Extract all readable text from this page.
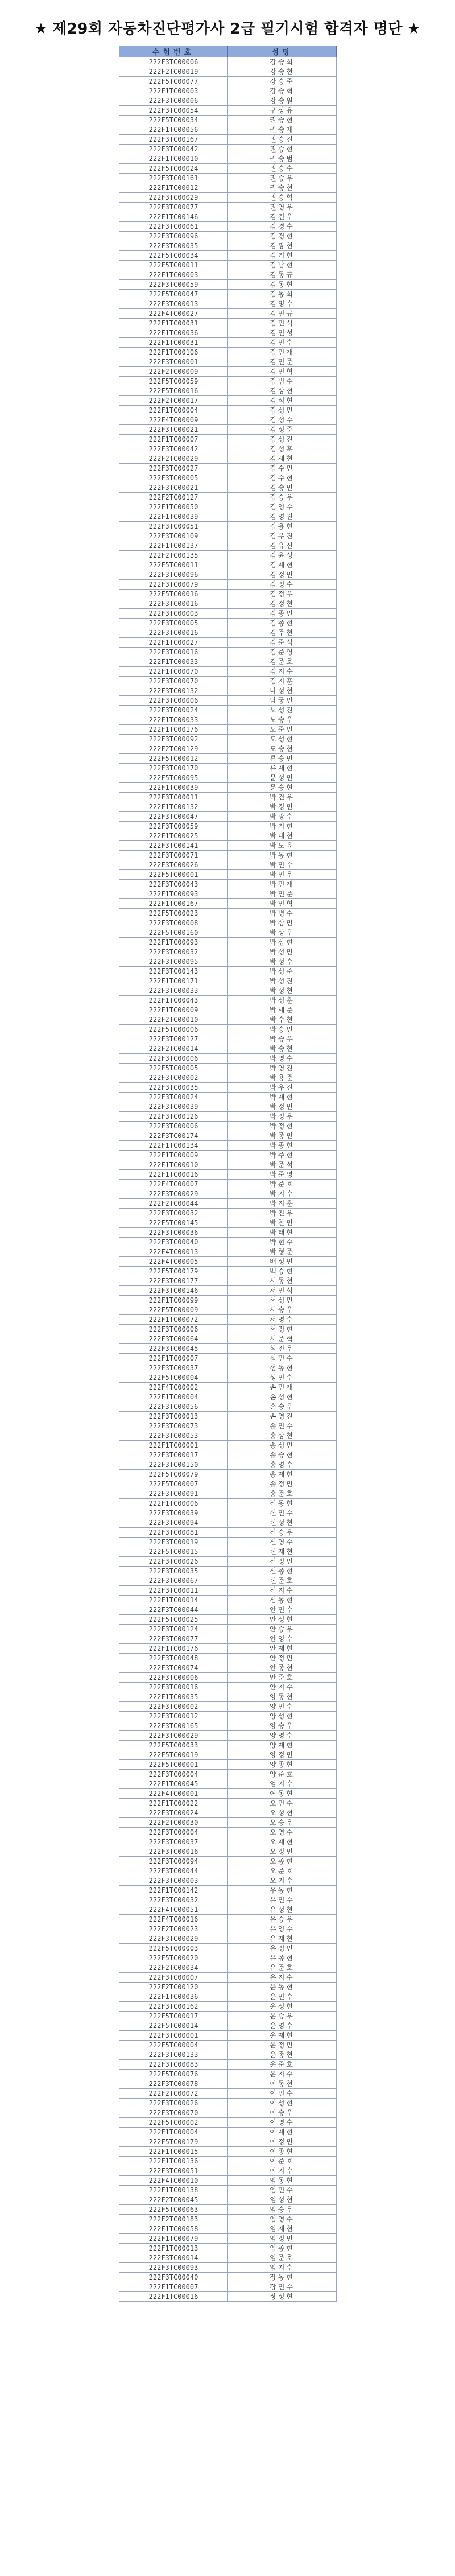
★ 제29회 자동차진단평가사 2급 필기시험 합격자 명단 ★
수험번호	성명
222F3TC00006	강승희
222F2TC00019	강승현
222F5TC00077	강승준
222F1TC00003	강승혁
222F3TC00006	강승원
222F3TC00054	구상유
222F5TC00034	권승현
222F1TC00056	권승재
222F3TC00167	권승진
222F3TC00042	권승현
222F1TC00010	권승범
222F5TC00024	권승수
222F3TC00161	권승우
222F1TC00012	권승현
222F3TC00029	권승혁
222F3TC00077	권영우
222F1TC00146	김건우
222F3TC00061	김경수
222F3TC00096	김경현
222F3TC00035	김광현
222F5TC00034	김기현
222F5TC00011	김남현
222F1TC00003	김동규
222F3TC00059	김동현
222F5TC00047	김동희
222F3TC00013	김명수
222F4TC00027	김민규
222F1TC00031	김민석
222F1TC00036	김민성
222F1TC00031	김민수
222F1TC00106	김민재
222F3TC00001	김민준
222F2TC00009	김민혁
222F5TC00059	김범수
222F5TC00016	김상현
222F2TC00017	김석현
222F1TC00004	김성민
222F4TC00009	김성수
222F3TC00021	김성준
222F1TC00007	김성진
222F3TC00042	김성훈
222F2TC00029	김세현
222F3TC00027	김수민
222F3TC00005	김수현
222F3TC00021	김승민
222F2TC00127	김승우
222F1TC00050	김영수
222F1TC00039	김영진
222F3TC00051	김용현
222F3TC00109	김우진
222F1TC00137	김유신
222F2TC00135	김윤성
222F5TC00011	김재현
222F3TC00096	김정민
222F3TC00079	김정수
222F5TC00016	김정우
222F3TC00016	김정현
222F3TC00003	김종민
222F3TC00005	김종현
222F3TC00016	김주현
222F1TC00027	김준석
222F3TC00016	김준영
222F1TC00033	김준호
222F1TC00070	김지수
222F3TC00070	김지훈
222F3TC00132	나성현
222F3TC00006	남궁민
222F3TC00024	노성진
222F1TC00033	노승우
222F1TC00176	노준민
222F3TC00092	도성현
222F2TC00129	도승현
222F5TC00012	류승민
222F3TC00170	류재현
222F5TC00095	문성민
222F1TC00039	문승현
222F3TC00011	박건우
222F1TC00132	박경민
222F3TC00047	박광수
222F3TC00059	박기현
222F1TC00025	박대현
222F3TC00141	박도윤
222F3TC00071	박동현
222F3TC00026	박민수
222F5TC00001	박민우
222F3TC00043	박민재
222F1TC00093	박민준
222F1TC00167	박민혁
222F5TC00023	박병수
222F3TC00008	박상민
222F5TC00160	박상우
222F1TC00093	박상현
222F3TC00032	박성민
222F3TC00095	박성수
222F3TC00143	박성준
222F1TC00171	박성진
222F3TC00033	박성현
222F1TC00043	박성훈
222F1TC00009	박세준
222F2TC00010	박수현
222F5TC00006	박승민
222F3TC00127	박승우
222F2TC00014	박승현
222F3TC00006	박영수
222F5TC00005	박영진
222F3TC00002	박용준
222F3TC00035	박우진
222F3TC00024	박재현
222F3TC00039	박정민
222F3TC00126	박정우
222F3TC00006	박정현
222F3TC00174	박종민
222F1TC00134	박종현
222F1TC00009	박주현
222F1TC00010	박준석
222F1TC00016	박준영
222F4TC00007	박준호
222F3TC00029	박지수
222F2TC00044	박지훈
222F3TC00032	박진우
222F5TC00145	박찬민
222F3TC00036	박태현
222F3TC00040	박현수
222F4TC00013	박형준
222F4TC00005	배성민
222F5TC00179	백승현
222F3TC00177	서동현
222F3TC00146	서민석
222F1TC00099	서성민
222F5TC00009	서승우
222F1TC00072	서영수
222F3TC00006	서정현
222F3TC00064	서준혁
222F3TC00045	석진우
222F1TC00007	설민수
222F3TC00037	성동현
222F5TC00004	성민수
222F4TC00002	손민재
222F1TC00004	손성현
222F3TC00056	손승우
222F3TC00013	손영진
222F3TC00073	송민수
222F3TC00053	송상현
222F1TC00001	송성민
222F3TC00017	송승현
222F3TC00150	송영수
222F5TC00079	송재현
222F5TC00007	송정민
222F3TC00091	송준호
222F1TC00006	신동현
222F3TC00039	신민수
222F3TC00094	신성현
222F3TC00081	신승우
222F3TC00019	신영수
222F5TC00015	신재현
222F3TC00026	신정민
222F3TC00035	신종현
222F3TC00067	신준호
222F3TC00011	신지수
222F1TC00014	심동현
222F3TC00044	안민수
222F5TC00025	안성현
222F3TC00124	안승우
222F3TC00077	안영수
222F1TC00176	안재현
222F3TC00048	안정민
222F3TC00074	안종현
222F3TC00006	안준호
222F3TC00016	안지수
222F1TC00035	양동현
222F3TC00002	양민수
222F3TC00012	양성현
222F3TC00165	양승우
222F3TC00029	양영수
222F5TC00033	양재현
222F5TC00019	양정민
222F5TC00001	양종현
222F3TC00004	양준호
222F1TC00045	엄지수
222F4TC00001	여동현
222F1TC00022	오민수
222F3TC00024	오성현
222F2TC00030	오승우
222F3TC00004	오영수
222F3TC00037	오재현
222F3TC00016	오정민
222F3TC00094	오종현
222F3TC00044	오준호
222F3TC00003	오지수
222F1TC00142	우동현
222F3TC00032	유민수
222F4TC00051	유성현
222F4TC00016	유승우
222F2TC00023	유영수
222F3TC00029	유재현
222F5TC00003	유정민
222F5TC00020	유종현
222F2TC00034	유준호
222F3TC00007	유지수
222F2TC00120	윤동현
222F1TC00036	윤민수
222F3TC00162	윤성현
222F5TC00017	윤승우
222F5TC00014	윤영수
222F3TC00001	윤재현
222F5TC00004	윤정민
222F3TC00133	윤종현
222F3TC00083	윤준호
222F5TC00076	윤지수
222F3TC00078	이동현
222F2TC00072	이민수
222F3TC00026	이성현
222F3TC00070	이승우
222F5TC00002	이영수
222F1TC00004	이재현
222F5TC00179	이정민
222F1TC00015	이종현
222F1TC00136	이준호
222F3TC00051	이지수
222F4TC00010	임동현
222F1TC00138	임민수
222F2TC00045	임성현
222F5TC00063	임승우
222F2TC00183	임영수
222F1TC00058	임재현
222F1TC00079	임정민
222F1TC00013	임종현
222F3TC00014	임준호
222F3TC00093	임지수
222F3TC00040	장동현
222F1TC00007	장민수
222F1TC00016	장성현
